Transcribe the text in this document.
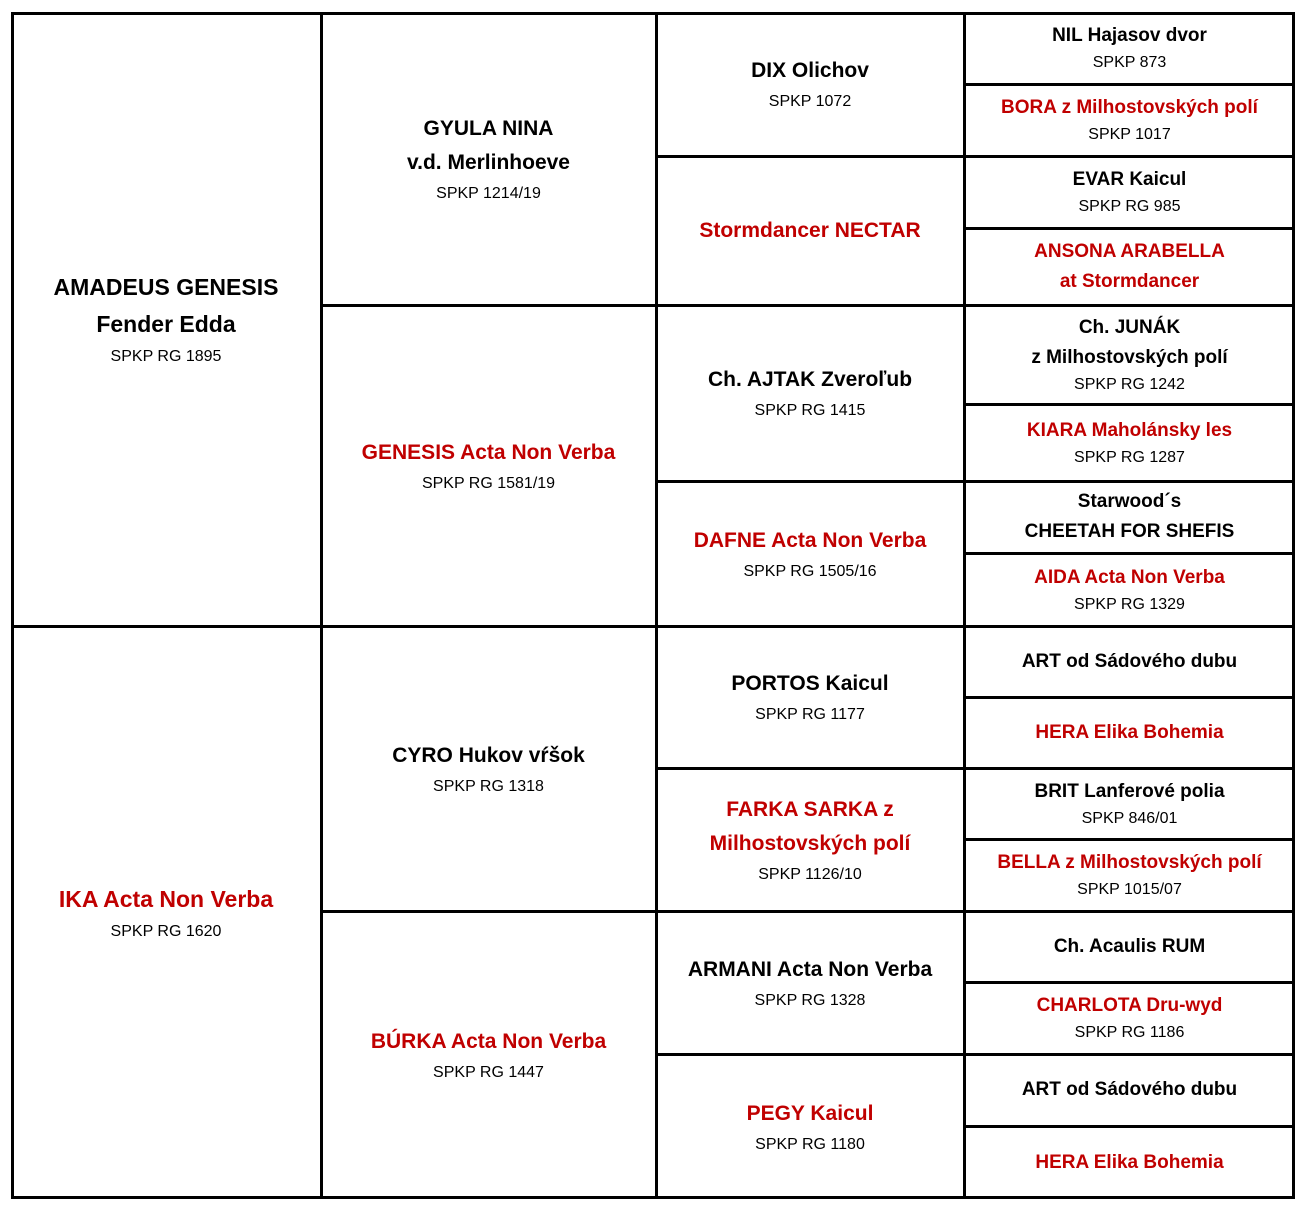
AMADEUS GENESIS
Fender Edda
SPKP RG 1895
GYULA NINA
v.d. Merlinhoeve
SPKP 1214/19
DIX Olichov
SPKP 1072
NIL Hajasov dvor
SPKP 873
BORA z Milhostovských polí
SPKP 1017
Stormdancer NECTAR
EVAR Kaicul
SPKP RG 985
ANSONA ARABELLA
at Stormdancer
GENESIS Acta Non Verba
SPKP RG 1581/19
Ch. AJTAK Zveroľub
SPKP RG 1415
Ch. JUNÁK
z Milhostovských polí
SPKP RG 1242
KIARA Maholánsky les
SPKP RG 1287
DAFNE Acta Non Verba
SPKP RG 1505/16
Starwood´s
CHEETAH FOR SHEFIS
AIDA Acta Non Verba
SPKP RG 1329
IKA Acta Non Verba
SPKP RG 1620
CYRO Hukov vŕšok
SPKP RG 1318
PORTOS Kaicul
SPKP RG 1177
ART od Sádového dubu
HERA Elika Bohemia
FARKA SARKA z
Milhostovských polí
SPKP 1126/10
BRIT Lanferové polia
SPKP 846/01
BELLA z Milhostovských polí
SPKP 1015/07
BÚRKA Acta Non Verba
SPKP RG 1447
ARMANI Acta Non Verba
SPKP RG 1328
Ch. Acaulis RUM
CHARLOTA Dru-wyd
SPKP RG 1186
PEGY Kaicul
SPKP RG 1180
ART od Sádového dubu
HERA Elika Bohemia
